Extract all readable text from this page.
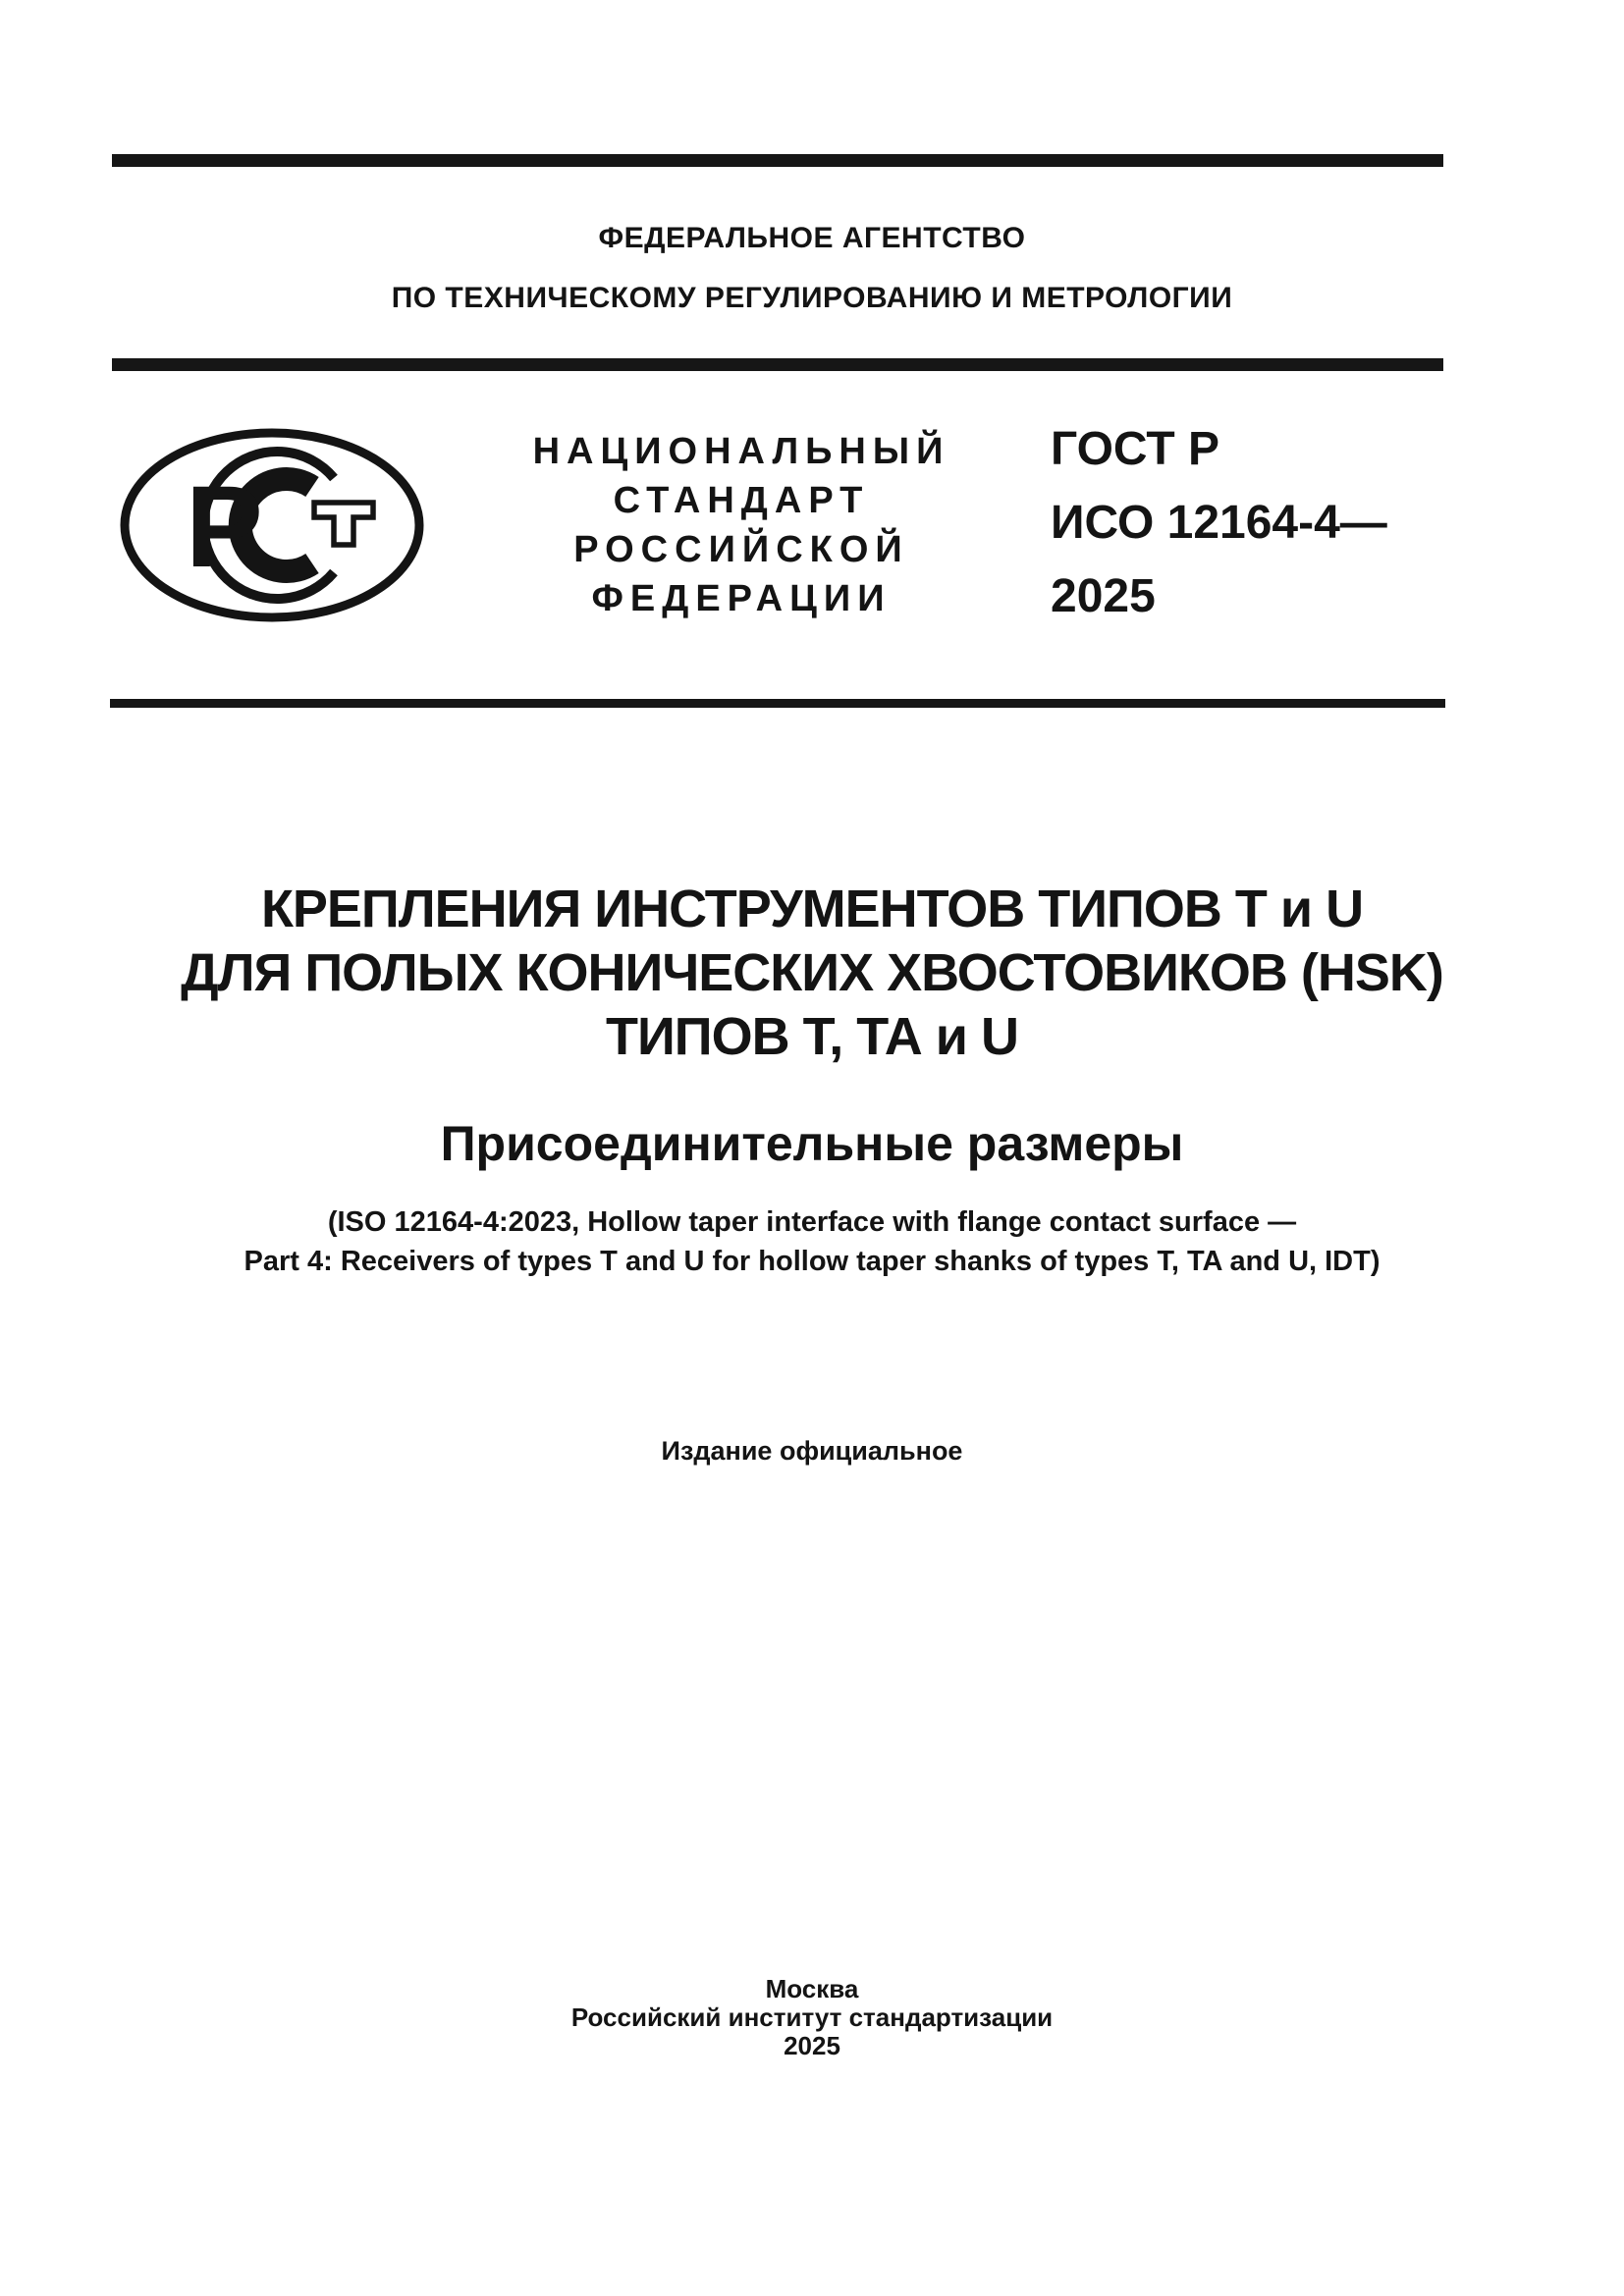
ФЕДЕРАЛЬНОЕ АГЕНТСТВО
ПО ТЕХНИЧЕСКОМУ РЕГУЛИРОВАНИЮ И МЕТРОЛОГИИ
Р
НАЦИОНАЛЬНЫЙ
СТАНДАРТ
РОССИЙСКОЙ
ФЕДЕРАЦИИ
ГОСТ Р
ИСО 12164-4—
2025
КРЕПЛЕНИЯ ИНСТРУМЕНТОВ ТИПОВ Т и U
ДЛЯ ПОЛЫХ КОНИЧЕСКИХ ХВОСТОВИКОВ (HSK)
ТИПОВ Т, ТА и U
Присоединительные размеры
(ISO 12164-4:2023, Hollow taper interface with flange contact surface —
Part 4: Receivers of types T and U for hollow taper shanks of types T, TA and U, IDT)
Издание официальное
Москва
Российский институт стандартизации
2025
